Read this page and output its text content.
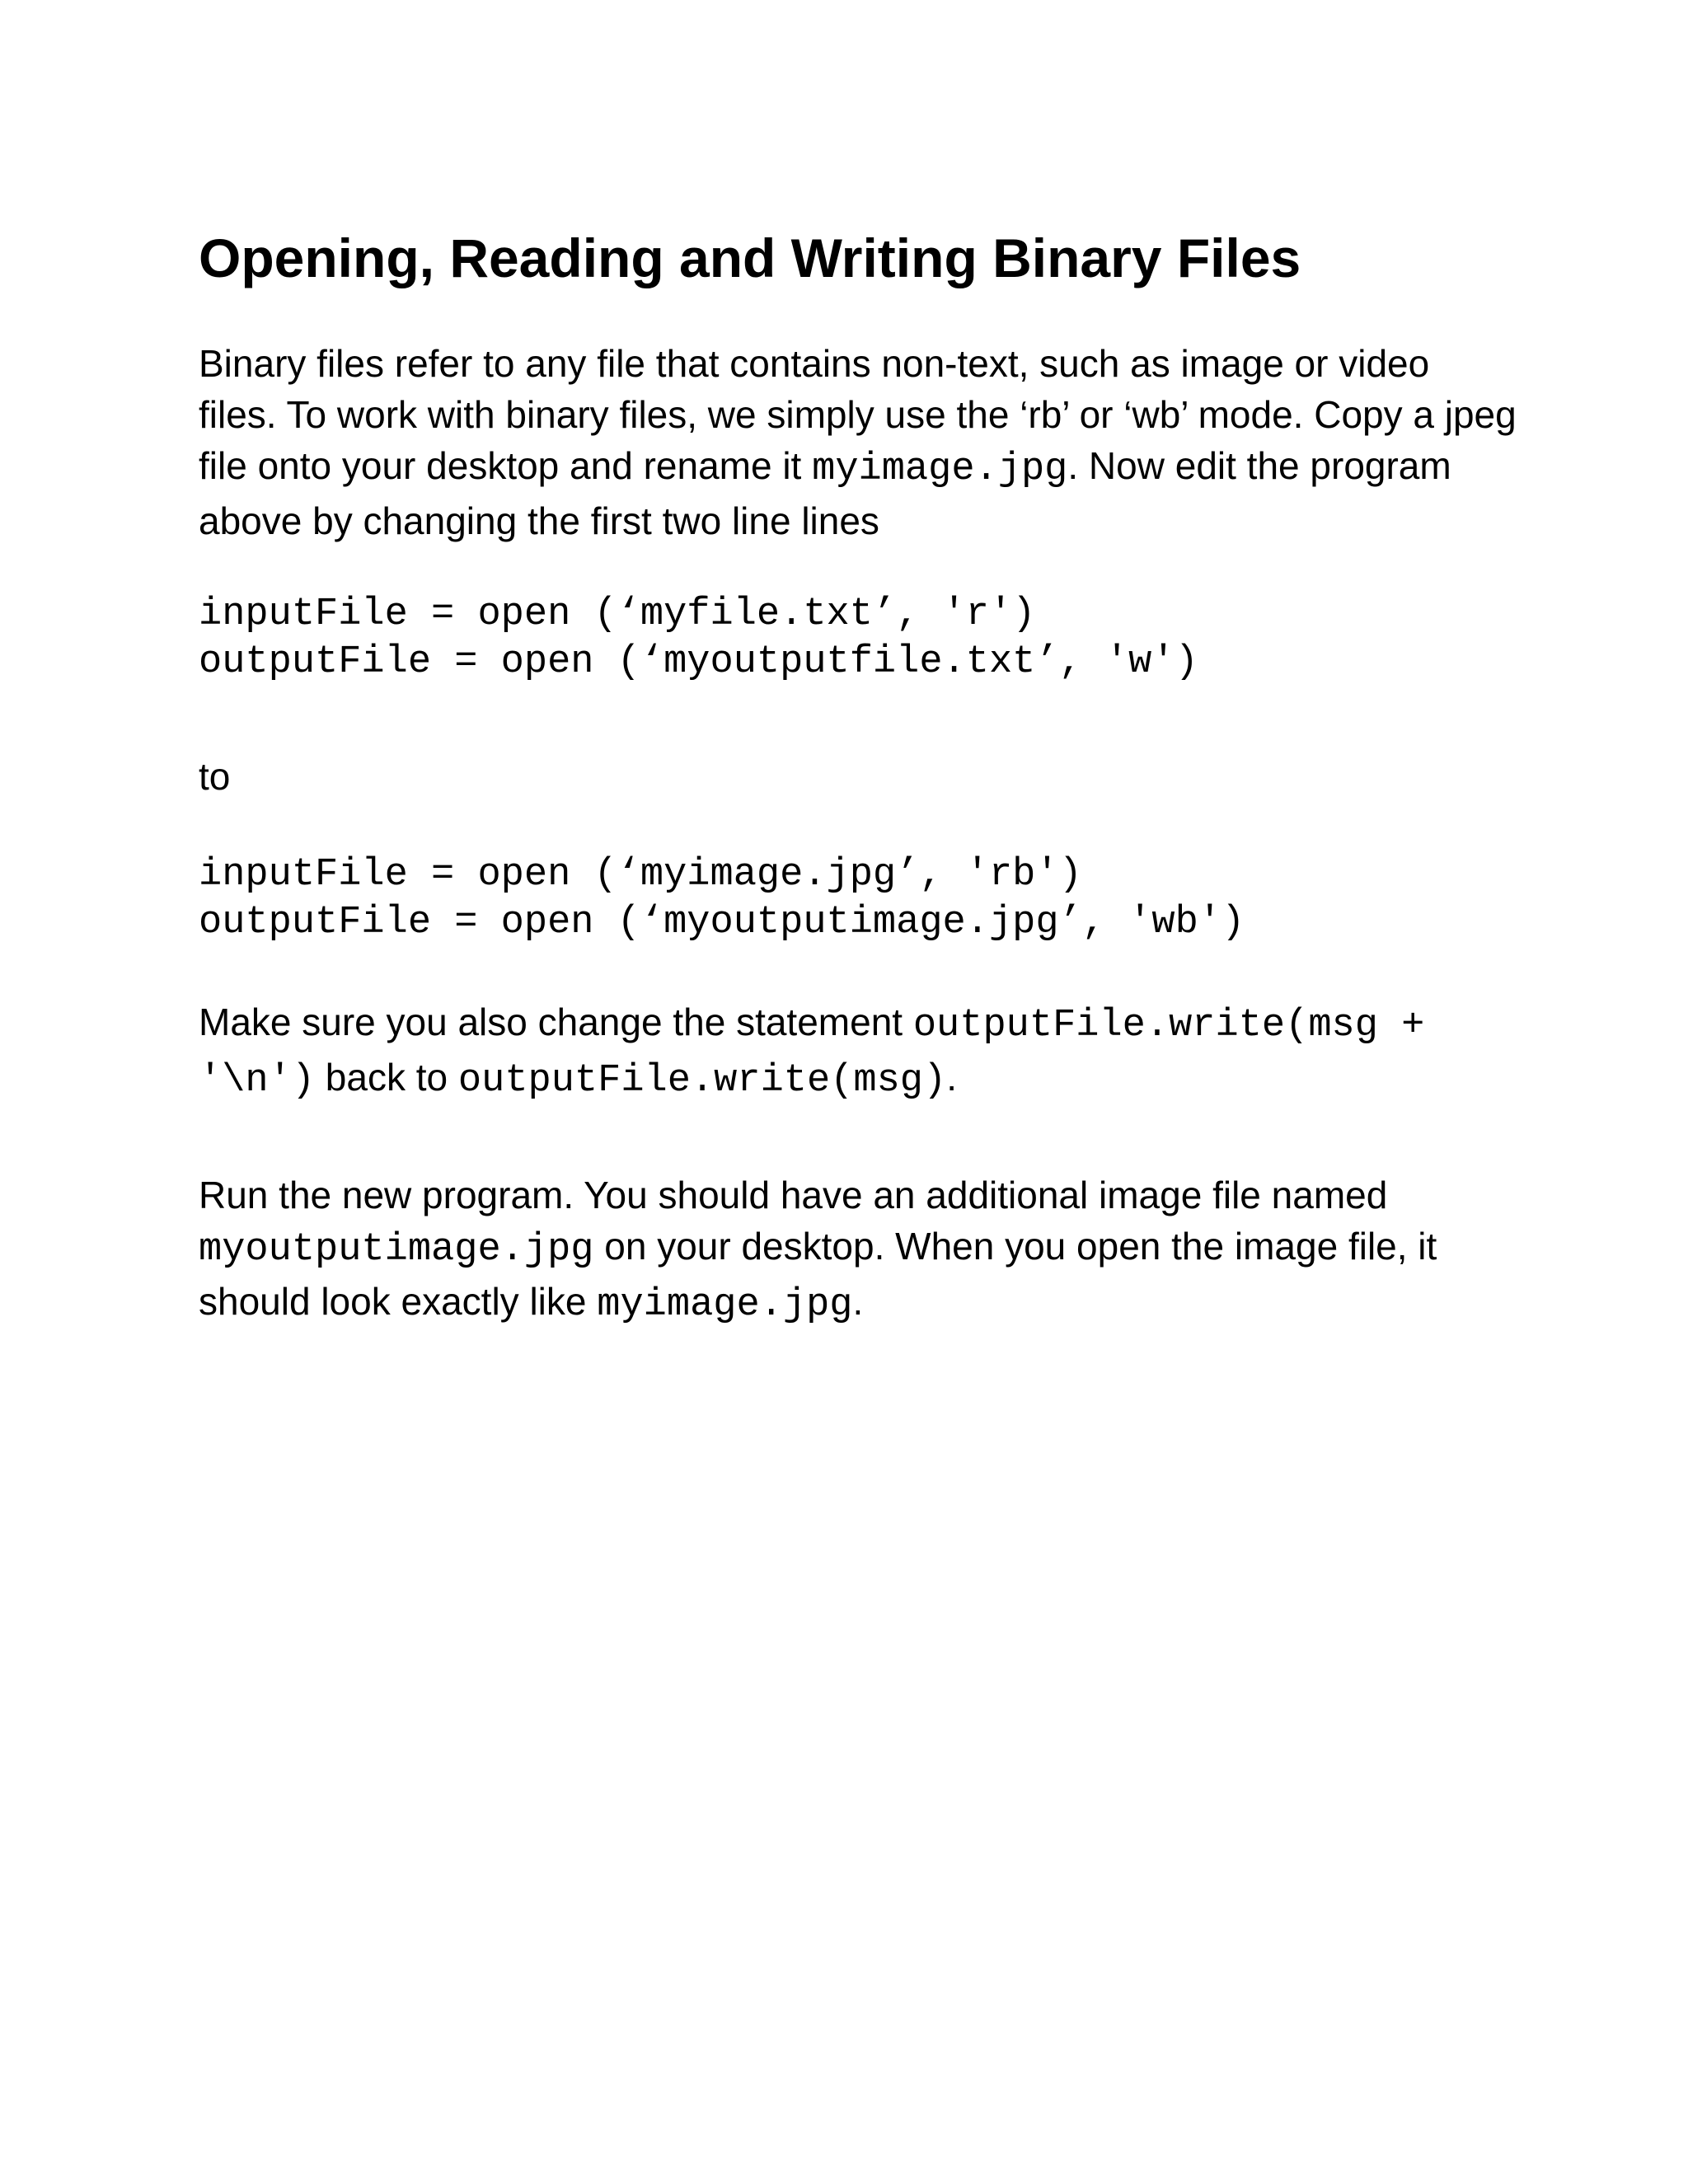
Opening, Reading and Writing Binary Files

Binary files refer to any file that contains non-text, such as image or video files. To work with binary files, we simply use the ‘rb’ or ‘wb’ mode. Copy a jpeg file onto your desktop and rename it myimage.jpg. Now edit the program above by changing the first two line lines

inputFile = open (‘myfile.txt’, 'r')
outputFile = open (‘myoutputfile.txt’, 'w')

to

inputFile = open (‘myimage.jpg’, 'rb')
outputFile = open (‘myoutputimage.jpg’, 'wb')

Make sure you also change the statement outputFile.write(msg + '\n') back to outputFile.write(msg).

Run the new program. You should have an additional image file named myoutputimage.jpg on your desktop. When you open the image file, it should look exactly like myimage.jpg.
